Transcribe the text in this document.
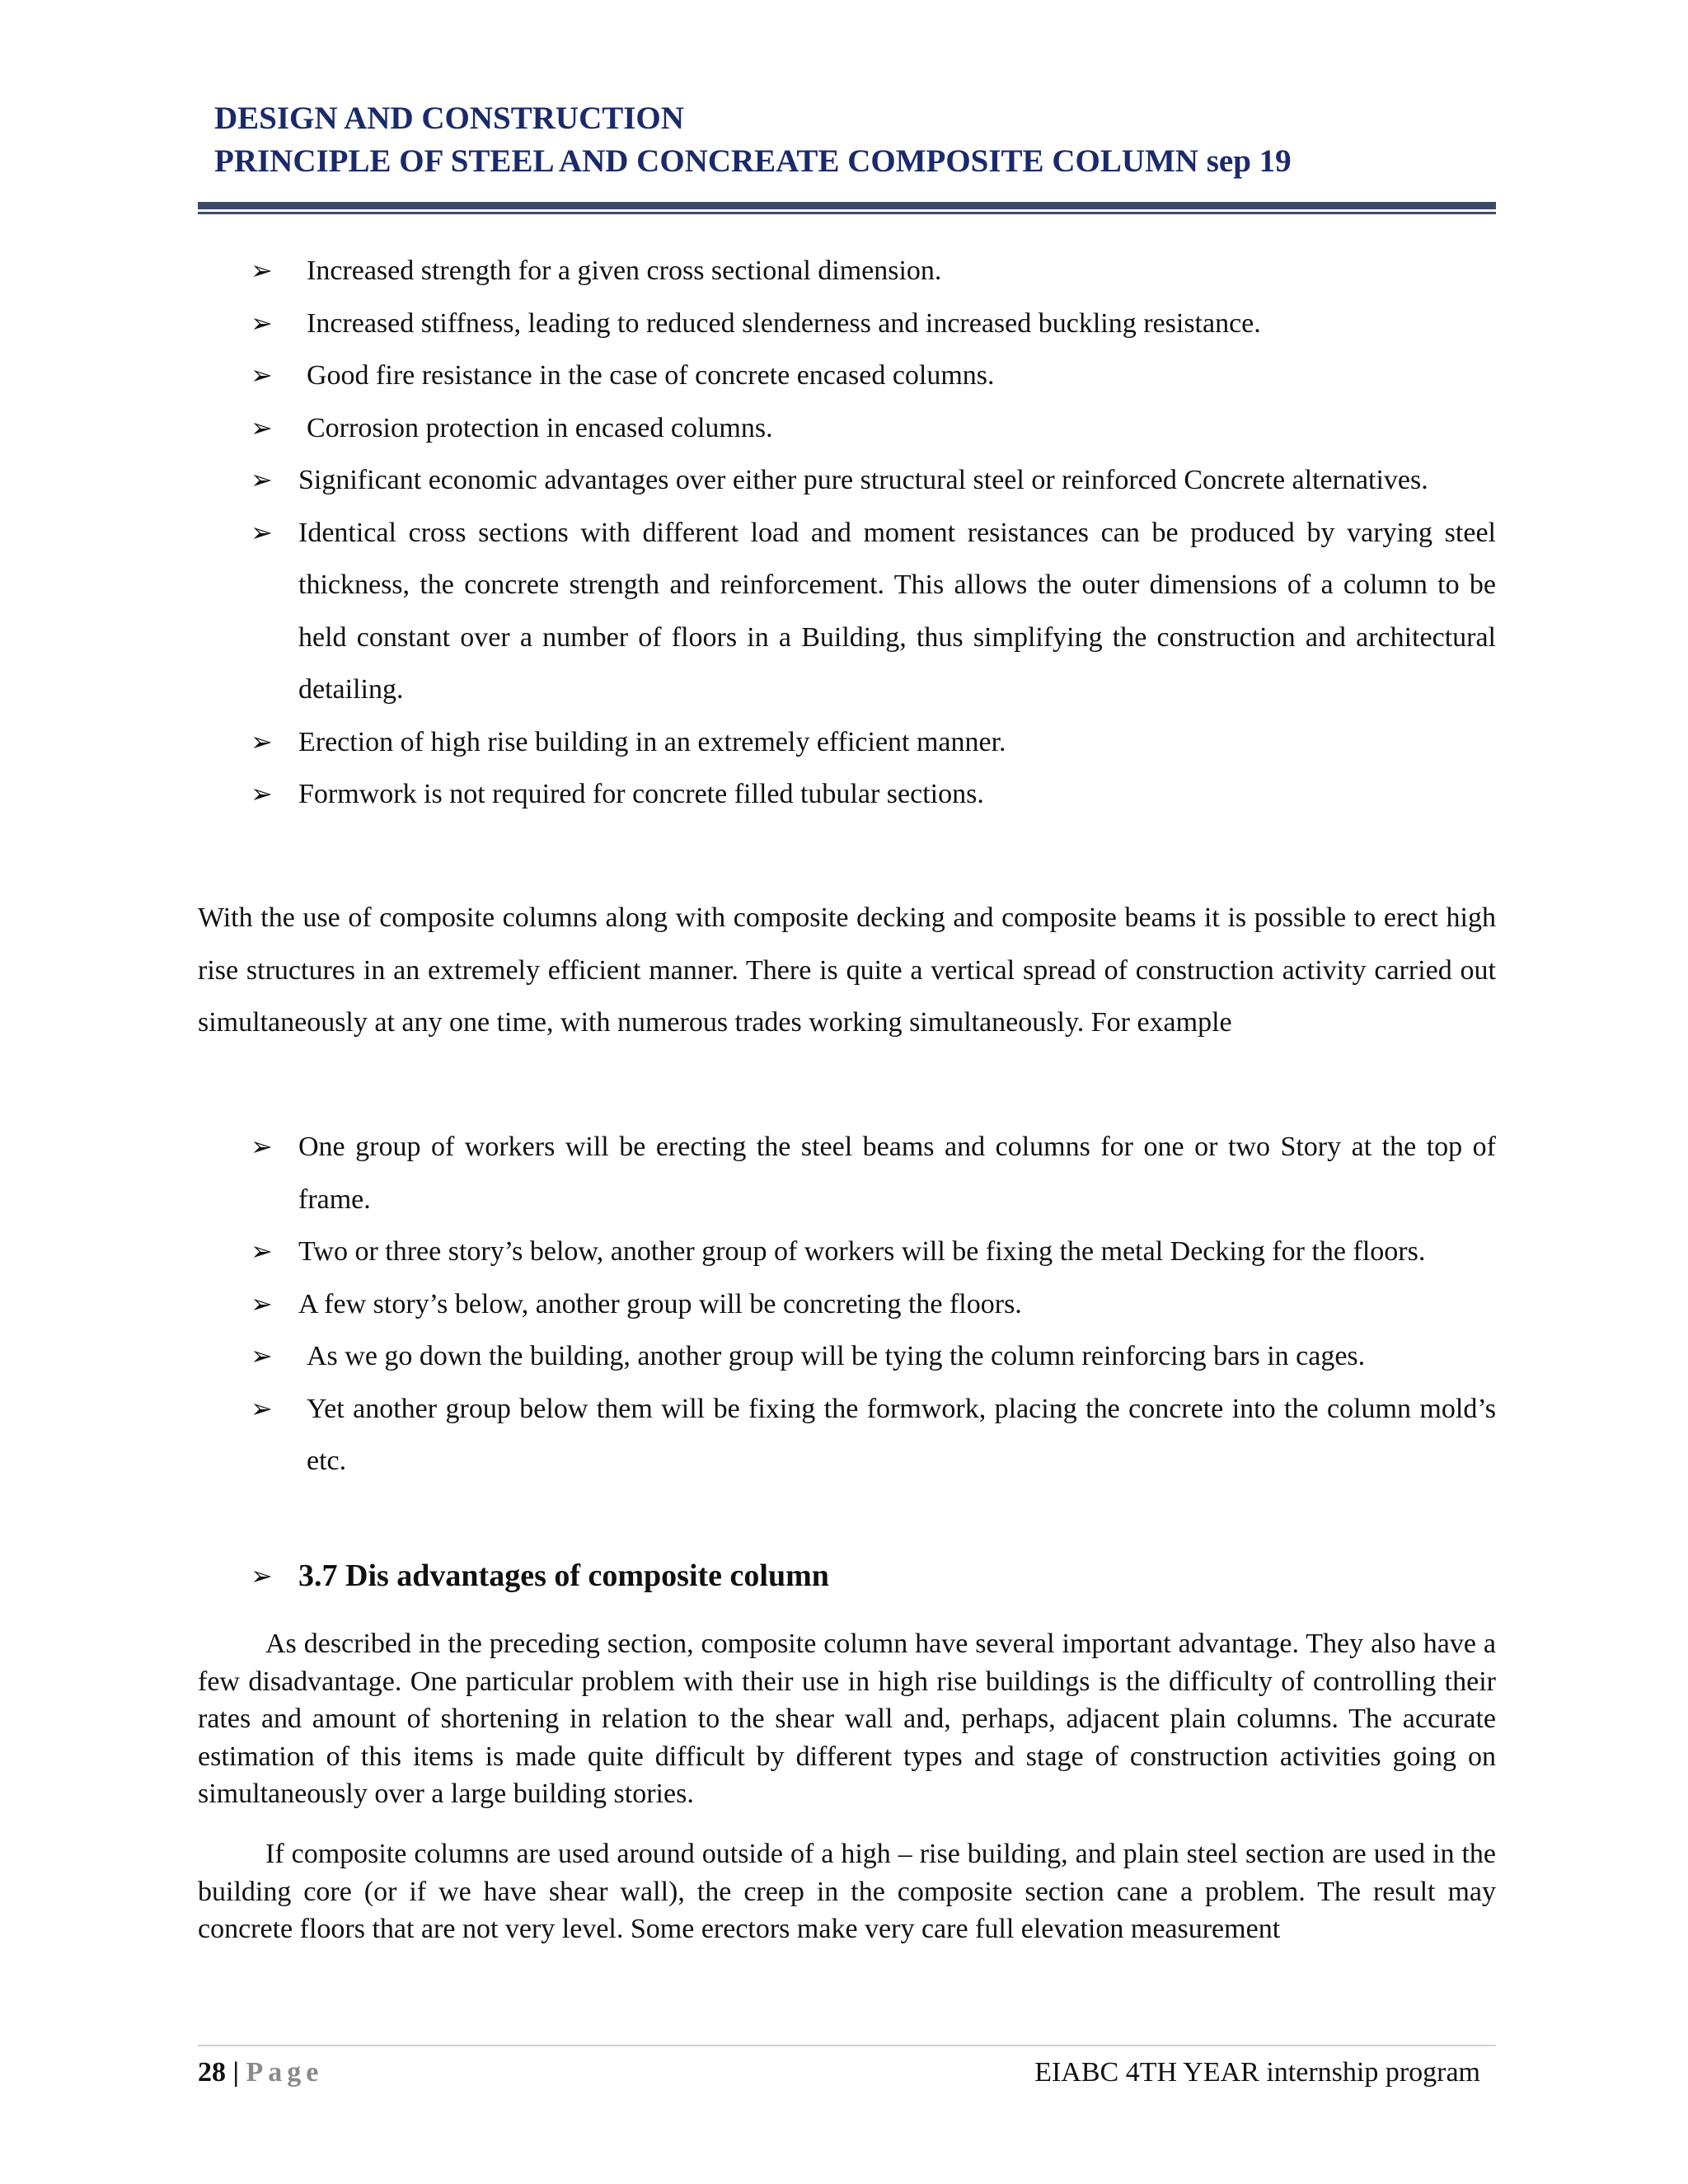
DESIGN AND CONSTRUCTION
PRINCIPLE OF STEEL AND CONCREATE COMPOSITE COLUMN sep 19
➢	Increased strength for a given cross sectional dimension.
➢	Increased stiffness, leading to reduced slenderness and increased buckling resistance.
➢	Good fire resistance in the case of concrete encased columns.
➢	Corrosion protection in encased columns.
➢ Significant economic advantages over either pure structural steel or reinforced Concrete alternatives.
➢ Identical cross sections with different load and moment resistances can be produced by varying steel thickness, the concrete strength and reinforcement. This allows the outer dimensions of a column to be held constant over a number of floors in a Building, thus simplifying the construction and architectural detailing.
➢ Erection of high rise building in an extremely efficient manner.
➢ Formwork is not required for concrete filled tubular sections.

With the use of composite columns along with composite decking and composite beams it is possible to erect high rise structures in an extremely efficient manner. There is quite a vertical spread of construction activity carried out simultaneously at any one time, with numerous trades working simultaneously. For example

➢ One group of workers will be erecting the steel beams and columns for one or two Story at the top of frame.
➢ Two or three story’s below, another group of workers will be fixing the metal Decking for the floors.
➢ A few story’s below, another group will be concreting the floors.
➢	As we go down the building, another group will be tying the column reinforcing bars in cages.
➢	Yet another group below them will be fixing the formwork, placing the concrete into the column mold’s etc.
➢ 3.7 Dis advantages of composite column

As described in the preceding section, composite column have several important advantage. They also have a few disadvantage. One particular problem with their use in high rise buildings is the difficulty of controlling their rates and amount of shortening in relation to the shear wall and, perhaps, adjacent plain columns. The accurate estimation of this items is made quite difficult by different types and stage of construction activities going on simultaneously over a large building stories.

If composite columns are used around outside of a high – rise building, and plain steel section are used in the building core (or if we have shear wall), the creep in the composite section cane a problem. The result may concrete floors that are not very level. Some erectors make very care full elevation measurement

28 | Page	EIABC 4TH YEAR internship program
